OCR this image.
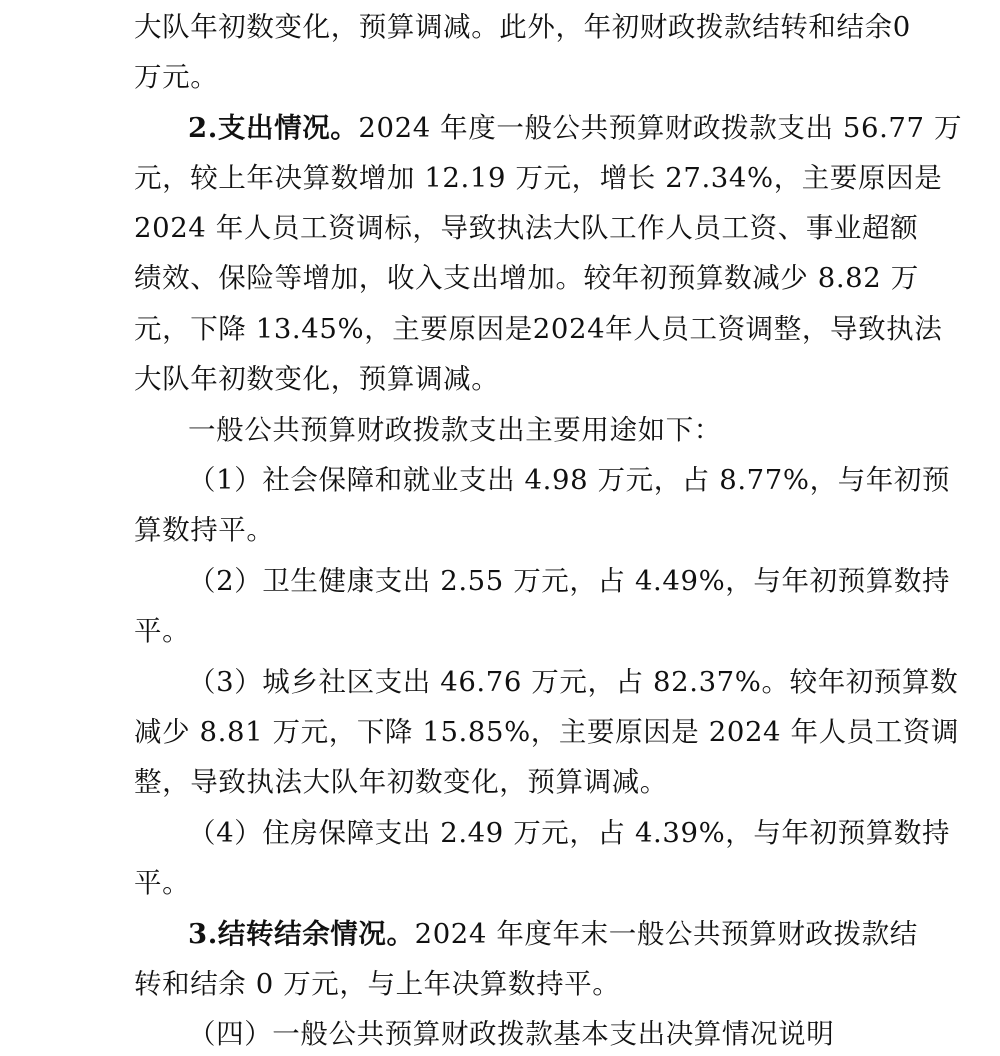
大队年初数变化，预算调减。此外，年初财政拨款结转和结余0
万元。
2.支出情况。2024 年度一般公共预算财政拨款支出 56.77 万
元，较上年决算数增加 12.19 万元，增长 27.34%，主要原因是
2024 年人员工资调标，导致执法大队工作人员工资、事业超额
绩效、保险等增加，收入支出增加。较年初预算数减少 8.82 万
元，下降 13.45%，主要原因是2024年人员工资调整，导致执法
大队年初数变化，预算调减。
一般公共预算财政拨款支出主要用途如下：
（1）社会保障和就业支出 4.98 万元，占 8.77%，与年初预
算数持平。
（2）卫生健康支出 2.55 万元，占 4.49%，与年初预算数持
平。
（3）城乡社区支出 46.76 万元，占 82.37%。较年初预算数
减少 8.81 万元，下降 15.85%，主要原因是 2024 年人员工资调
整，导致执法大队年初数变化，预算调减。
（4）住房保障支出 2.49 万元，占 4.39%，与年初预算数持
平。
3.结转结余情况。2024 年度年末一般公共预算财政拨款结
转和结余 0 万元，与上年决算数持平。
（四）一般公共预算财政拨款基本支出决算情况说明
